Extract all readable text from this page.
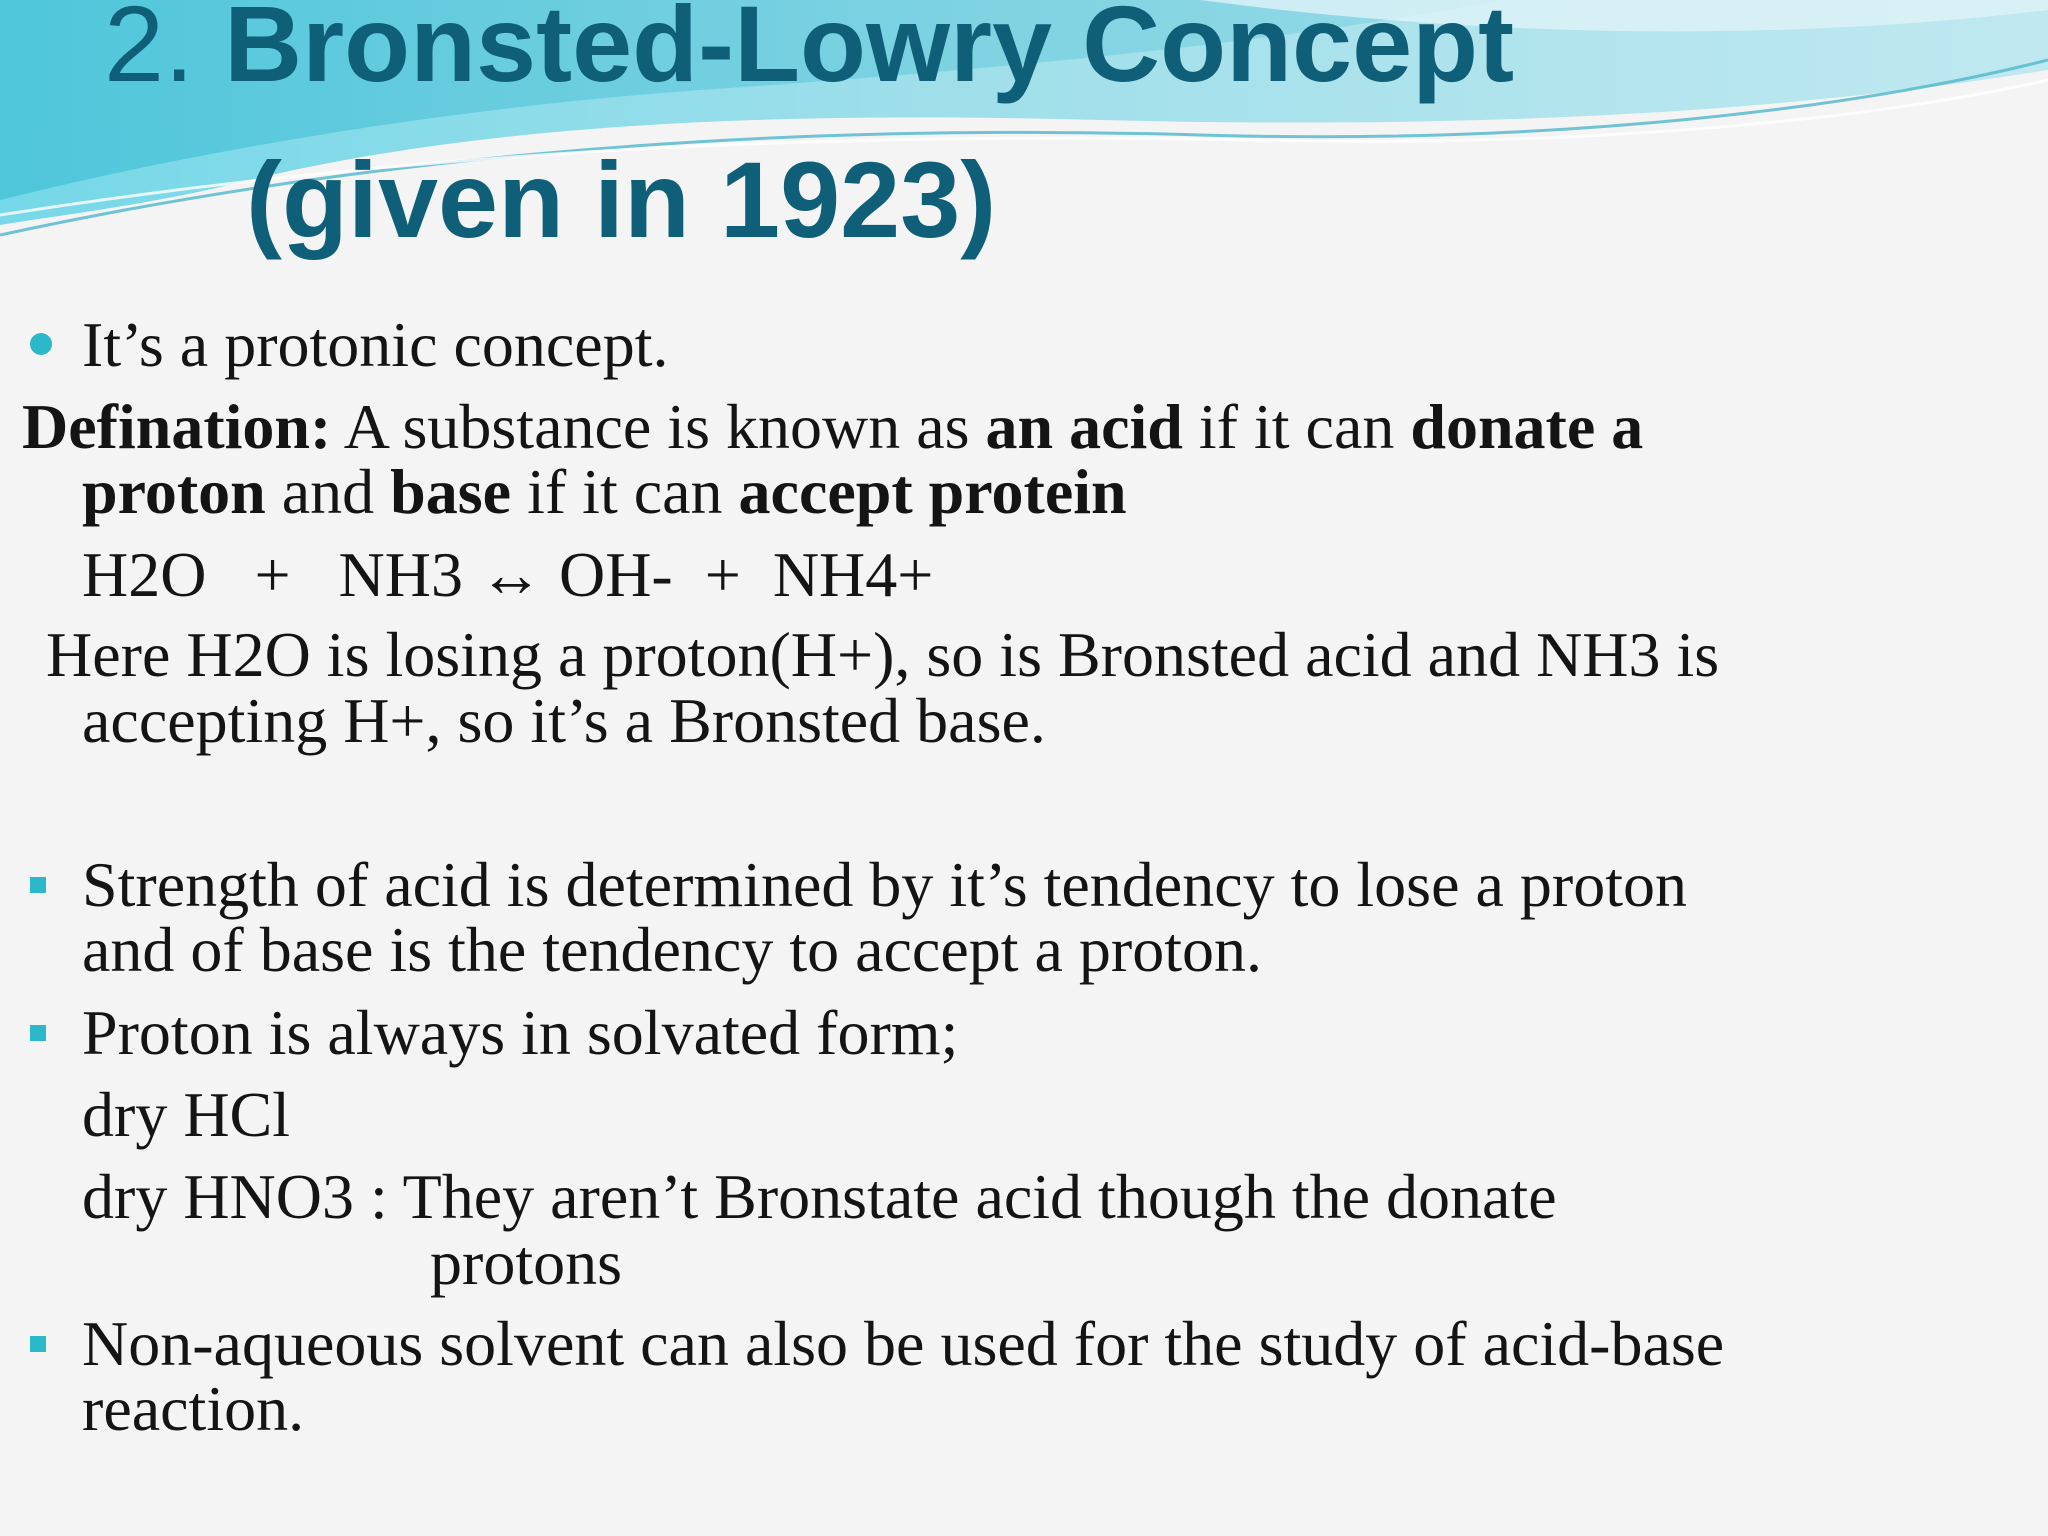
2. Bronsted-Lowry Concept
(given in 1923)
It’s a protonic concept.
Defination: A substance is known as an acid if it can donate a
proton and base if it can accept protein
H2O   +   NH3 ↔ OH-  +  NH4+
Here H2O is losing a proton(H+), so is Bronsted acid and NH3 is
accepting H+, so it’s a Bronsted base.
Strength of acid is determined by it’s tendency to lose a proton
and of base is the tendency to accept a proton.
Proton is always in solvated form;
dry HCl
dry HNO3 : They aren’t Bronstate acid though the donate
protons
Non-aqueous solvent can also be used for the study of acid-base
reaction.
